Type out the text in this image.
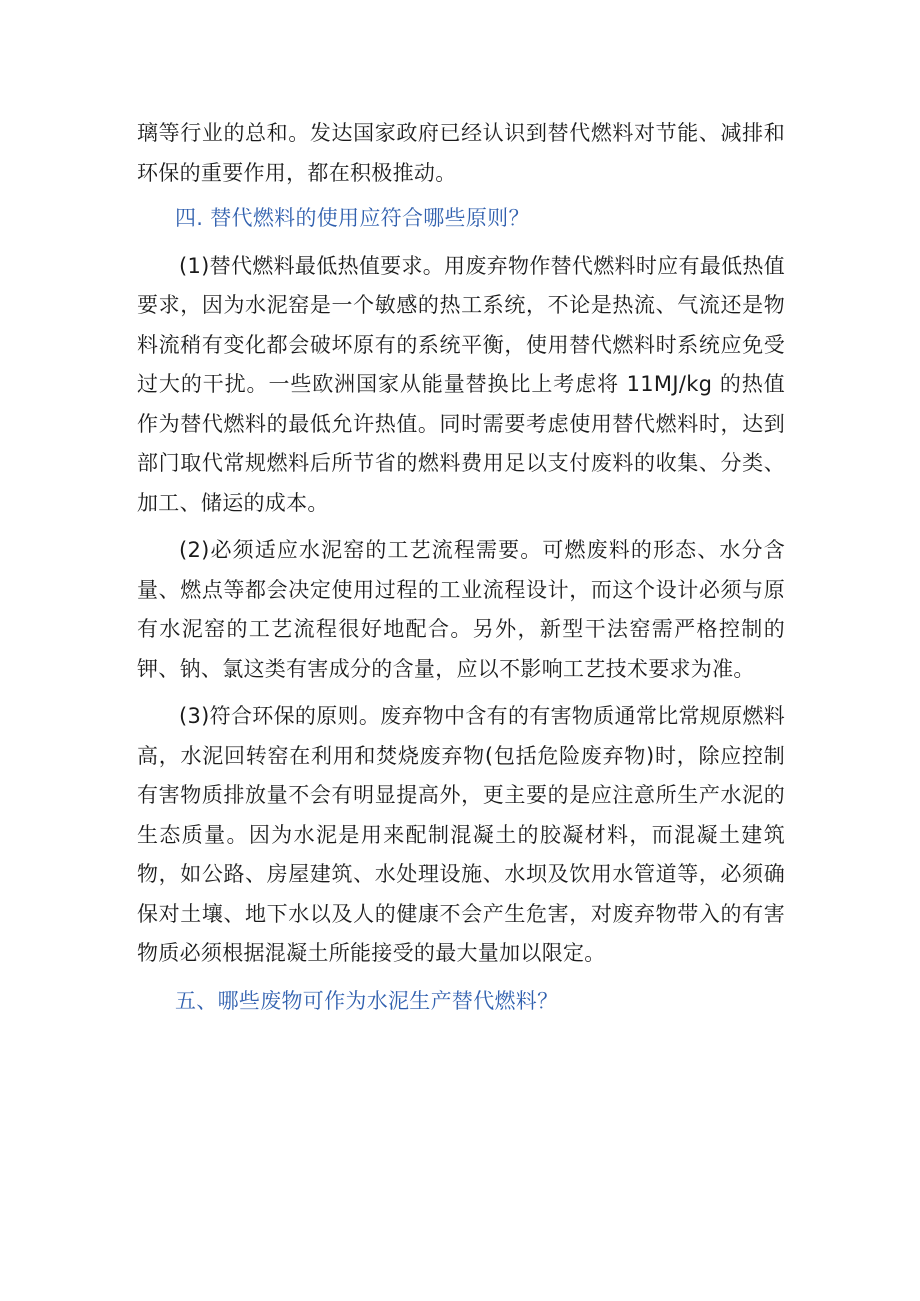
璃等行业的总和。发达国家政府已经认识到替代燃料对节能、减排和环保的重要作用，都在积极推动。

四. 替代燃料的使用应符合哪些原则？

(1)替代燃料最低热值要求。用废弃物作替代燃料时应有最低热值要求，因为水泥窑是一个敏感的热工系统，不论是热流、气流还是物料流稍有变化都会破坏原有的系统平衡，使用替代燃料时系统应免受过大的干扰。一些欧洲国家从能量替换比上考虑将 11MJ/kg 的热值作为替代燃料的最低允许热值。同时需要考虑使用替代燃料时，达到部门取代常规燃料后所节省的燃料费用足以支付废料的收集、分类、加工、储运的成本。

(2)必须适应水泥窑的工艺流程需要。可燃废料的形态、水分含量、燃点等都会决定使用过程的工业流程设计，而这个设计必须与原有水泥窑的工艺流程很好地配合。另外，新型干法窑需严格控制的钾、钠、氯这类有害成分的含量，应以不影响工艺技术要求为准。

(3)符合环保的原则。废弃物中含有的有害物质通常比常规原燃料高，水泥回转窑在利用和焚烧废弃物(包括危险废弃物)时，除应控制有害物质排放量不会有明显提高外，更主要的是应注意所生产水泥的生态质量。因为水泥是用来配制混凝土的胶凝材料，而混凝土建筑物，如公路、房屋建筑、水处理设施、水坝及饮用水管道等，必须确保对土壤、地下水以及人的健康不会产生危害，对废弃物带入的有害物质必须根据混凝土所能接受的最大量加以限定。

五、哪些废物可作为水泥生产替代燃料？
